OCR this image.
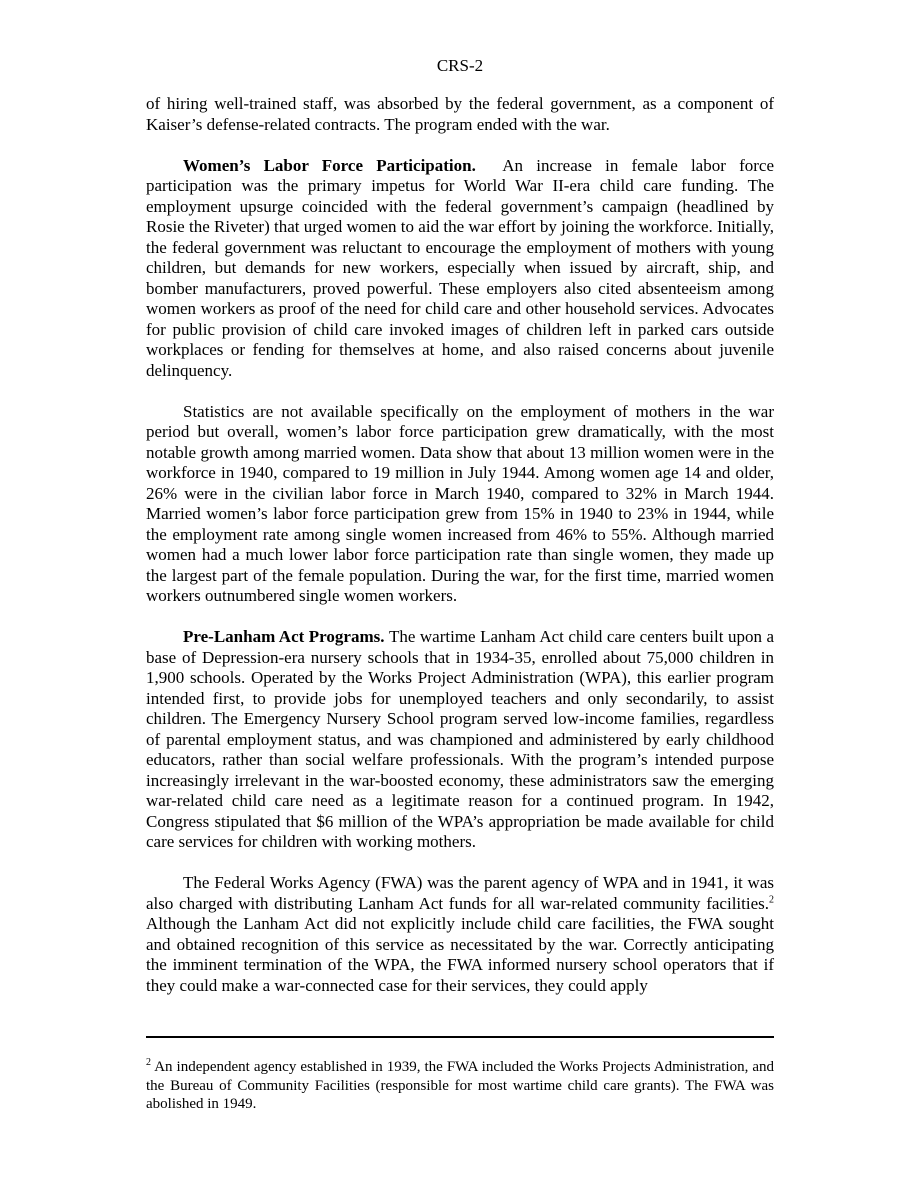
CRS-2

of hiring well-trained staff, was absorbed by the federal government, as a component of Kaiser’s defense-related contracts. The program ended with the war.

Women’s Labor Force Participation. An increase in female labor force participation was the primary impetus for World War II-era child care funding. The employment upsurge coincided with the federal government’s campaign (headlined by Rosie the Riveter) that urged women to aid the war effort by joining the workforce. Initially, the federal government was reluctant to encourage the employment of mothers with young children, but demands for new workers, especially when issued by aircraft, ship, and bomber manufacturers, proved powerful. These employers also cited absenteeism among women workers as proof of the need for child care and other household services. Advocates for public provision of child care invoked images of children left in parked cars outside workplaces or fending for themselves at home, and also raised concerns about juvenile delinquency.

Statistics are not available specifically on the employment of mothers in the war period but overall, women’s labor force participation grew dramatically, with the most notable growth among married women. Data show that about 13 million women were in the workforce in 1940, compared to 19 million in July 1944. Among women age 14 and older, 26% were in the civilian labor force in March 1940, compared to 32% in March 1944. Married women’s labor force participation grew from 15% in 1940 to 23% in 1944, while the employment rate among single women increased from 46% to 55%. Although married women had a much lower labor force participation rate than single women, they made up the largest part of the female population. During the war, for the first time, married women workers outnumbered single women workers.

Pre-Lanham Act Programs. The wartime Lanham Act child care centers built upon a base of Depression-era nursery schools that in 1934-35, enrolled about 75,000 children in 1,900 schools. Operated by the Works Project Administration (WPA), this earlier program intended first, to provide jobs for unemployed teachers and only secondarily, to assist children. The Emergency Nursery School program served low-income families, regardless of parental employment status, and was championed and administered by early childhood educators, rather than social welfare professionals. With the program’s intended purpose increasingly irrelevant in the war-boosted economy, these administrators saw the emerging war-related child care need as a legitimate reason for a continued program. In 1942, Congress stipulated that $6 million of the WPA’s appropriation be made available for child care services for children with working mothers.

The Federal Works Agency (FWA) was the parent agency of WPA and in 1941, it was also charged with distributing Lanham Act funds for all war-related community facilities.$^2$ Although the Lanham Act did not explicitly include child care facilities, the FWA sought and obtained recognition of this service as necessitated by the war. Correctly anticipating the imminent termination of the WPA, the FWA informed nursery school operators that if they could make a war-connected case for their services, they could apply

$^2$ An independent agency established in 1939, the FWA included the Works Projects Administration, and the Bureau of Community Facilities (responsible for most wartime child care grants). The FWA was abolished in 1949.
